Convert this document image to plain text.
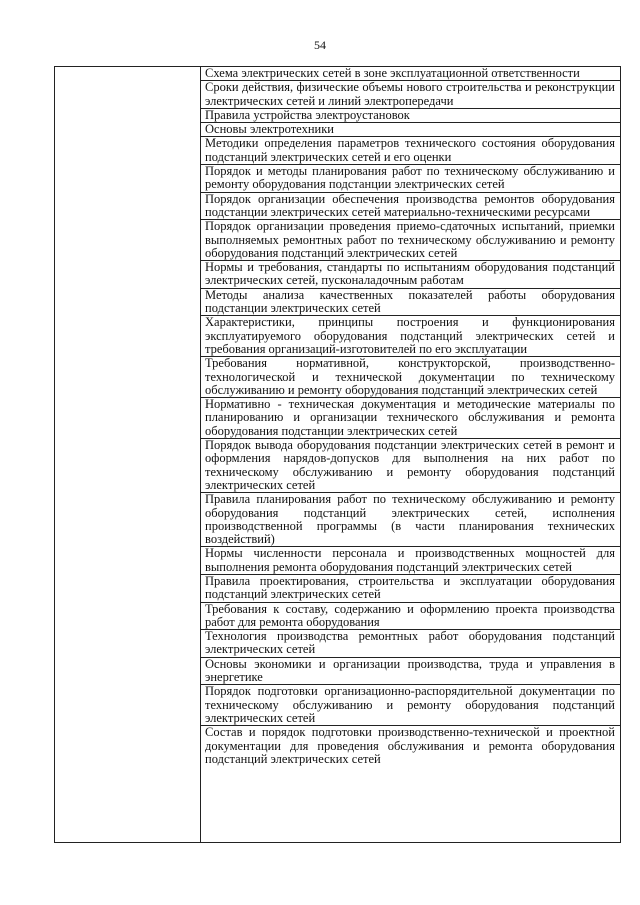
54

Схема электрических сетей в зоне эксплуатационной ответственности
Сроки действия, физические объемы нового строительства и реконструкции электрических сетей и линий электропередачи
Правила устройства электроустановок
Основы электротехники
Методики определения параметров технического состояния оборудования подстанций электрических сетей и его оценки
Порядок и методы планирования работ по техническому обслуживанию и ремонту оборудования подстанции электрических сетей
Порядок организации обеспечения производства ремонтов оборудования подстанции электрических сетей материально-техническими ресурсами
Порядок организации проведения приемо-сдаточных испытаний, приемки выполняемых ремонтных работ по техническому обслуживанию и ремонту оборудования подстанций электрических сетей
Нормы и требования, стандарты по испытаниям оборудования подстанций электрических сетей, пусконаладочным работам
Методы анализа качественных показателей работы оборудования подстанции электрических сетей
Характеристики, принципы построения и функционирования эксплуатируемого оборудования подстанций электрических сетей и требования организаций-изготовителей по его эксплуатации
Требования нормативной, конструкторской, производственно-технологической и технической документации по техническому обслуживанию и ремонту оборудования подстанций электрических сетей
Нормативно - техническая документация и методические материалы по планированию и организации технического обслуживания и ремонта оборудования подстанции электрических сетей
Порядок вывода оборудования подстанции электрических сетей в ремонт и оформления нарядов-допусков для выполнения на них работ по техническому обслуживанию и ремонту оборудования подстанций электрических сетей
Правила планирования работ по техническому обслуживанию и ремонту оборудования подстанций электрических сетей, исполнения производственной программы (в части планирования технических воздействий)
Нормы численности персонала и производственных мощностей для выполнения ремонта оборудования подстанций электрических сетей
Правила проектирования, строительства и эксплуатации оборудования подстанций электрических сетей
Требования к составу, содержанию и оформлению проекта производства работ для ремонта оборудования
Технология производства ремонтных работ оборудования подстанций электрических сетей
Основы экономики и организации производства, труда и управления в энергетике
Порядок подготовки организационно-распорядительной документации по техническому обслуживанию и ремонту оборудования подстанций электрических сетей
Состав и порядок подготовки производственно-технической и проектной документации для проведения обслуживания и ремонта оборудования подстанций электрических сетей
